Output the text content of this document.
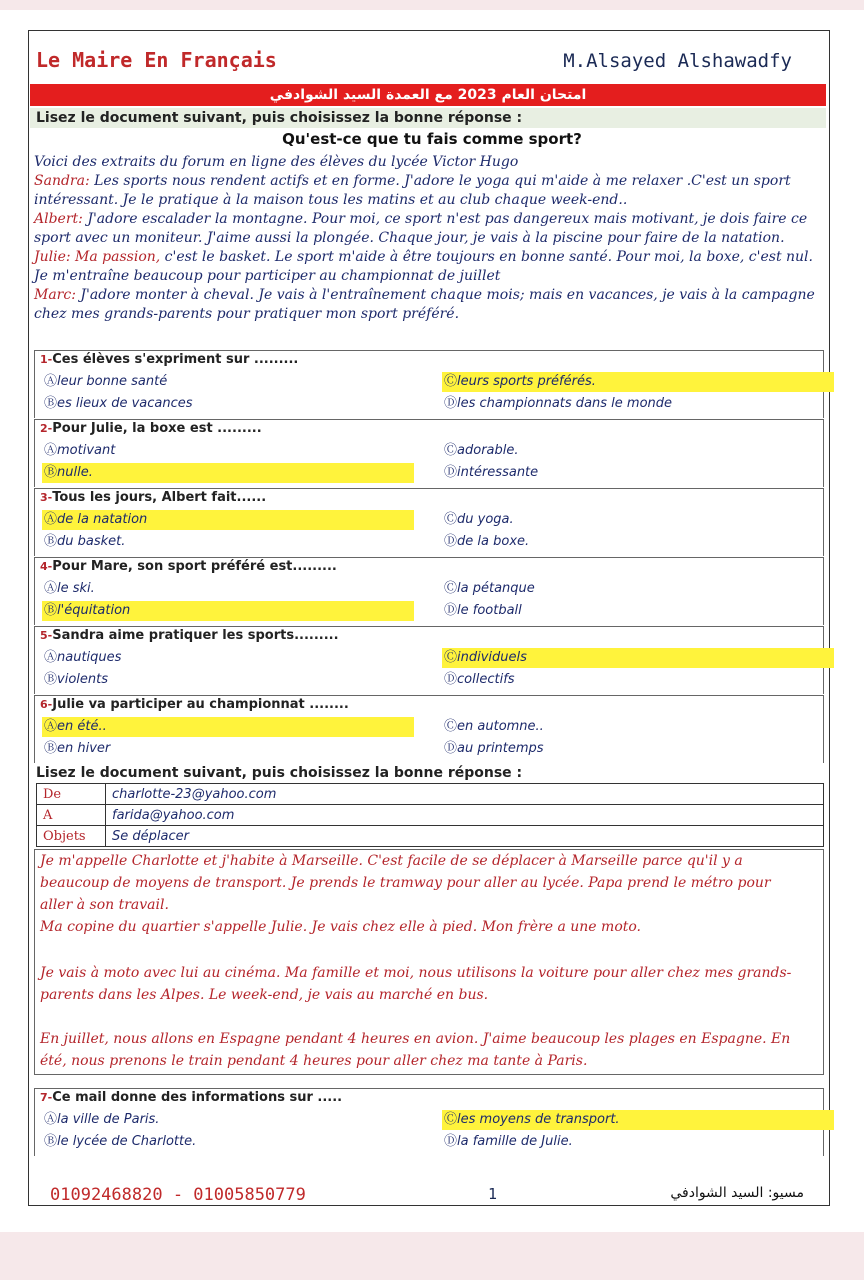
Le Maire En Français	M.Alsayed Alshawadfy
امتحان العام 2023 مع العمدة السيد الشوادفي
Lisez le document suivant, puis choisissez la bonne réponse :
Qu'est-ce que tu fais comme sport?
Voici des extraits du forum en ligne des élèves du lycée Victor Hugo
Sandra: Les sports nous rendent actifs et en forme. J'adore le yoga qui m'aide à me relaxer .C'est un sport
intéressant. Je le pratique à la maison tous les matins et au club chaque week-end..
Albert: J'adore escalader la montagne. Pour moi, ce sport n'est pas dangereux mais motivant, je dois faire ce
sport avec un moniteur. J'aime aussi la plongée. Chaque jour, je vais à la piscine pour faire de la natation.
Julie: Ma passion, c'est le basket. Le sport m'aide à être toujours en bonne santé. Pour moi, la boxe, c'est nul.
Je m'entraîne beaucoup pour participer au championnat de juillet
Marc: J'adore monter à cheval. Je vais à l'entraînement chaque mois; mais en vacances, je vais à la campagne
chez mes grands-parents pour pratiquer mon sport préféré.
1-Ces élèves s'expriment sur .........
Ⓐleur bonne santé
Ⓑes lieux de vacances
Ⓒleurs sports préférés.
Ⓓles championnats dans le monde
2-Pour Julie, la boxe est .........
Ⓐmotivant
Ⓑnulle.
Ⓒadorable.
Ⓓintéressante
3-Tous les jours, Albert fait......
Ⓐde la natation
Ⓑdu basket.
Ⓒdu yoga.
Ⓓde la boxe.
4-Pour Mare, son sport préféré est.........
Ⓐle ski.
Ⓑl'équitation
Ⓒla pétanque
Ⓓle football
5-Sandra aime pratiquer les sports.........
Ⓐnautiques
Ⓑviolents
Ⓒindividuels
Ⓓcollectifs
6-Julie va participer au championnat ........
Ⓐen été..
Ⓑen hiver
Ⓒen automne..
Ⓓau printemps
Lisez le document suivant, puis choisissez la bonne réponse :
De	charlotte-23@yahoo.com
A	farida@yahoo.com
Objets	Se déplacer
Je m'appelle Charlotte et j'habite à Marseille. C'est facile de se déplacer à Marseille parce qu'il y a
beaucoup de moyens de transport. Je prends le tramway pour aller au lycée. Papa prend le métro pour
aller à son travail.
Ma copine du quartier s'appelle Julie. Je vais chez elle à pied. Mon frère a une moto.
Je vais à moto avec lui au cinéma. Ma famille et moi, nous utilisons la voiture pour aller chez mes grands-
parents dans les Alpes. Le week-end, je vais au marché en bus.
En juillet, nous allons en Espagne pendant 4 heures en avion. J'aime beaucoup les plages en Espagne. En
été, nous prenons le train pendant 4 heures pour aller chez ma tante à Paris.
7-Ce mail donne des informations sur .....
Ⓐla ville de Paris.
Ⓑle lycée de Charlotte.
Ⓒles moyens de transport.
Ⓓla famille de Julie.
01092468820 - 01005850779	1	مسيو: السيد الشوادفي
